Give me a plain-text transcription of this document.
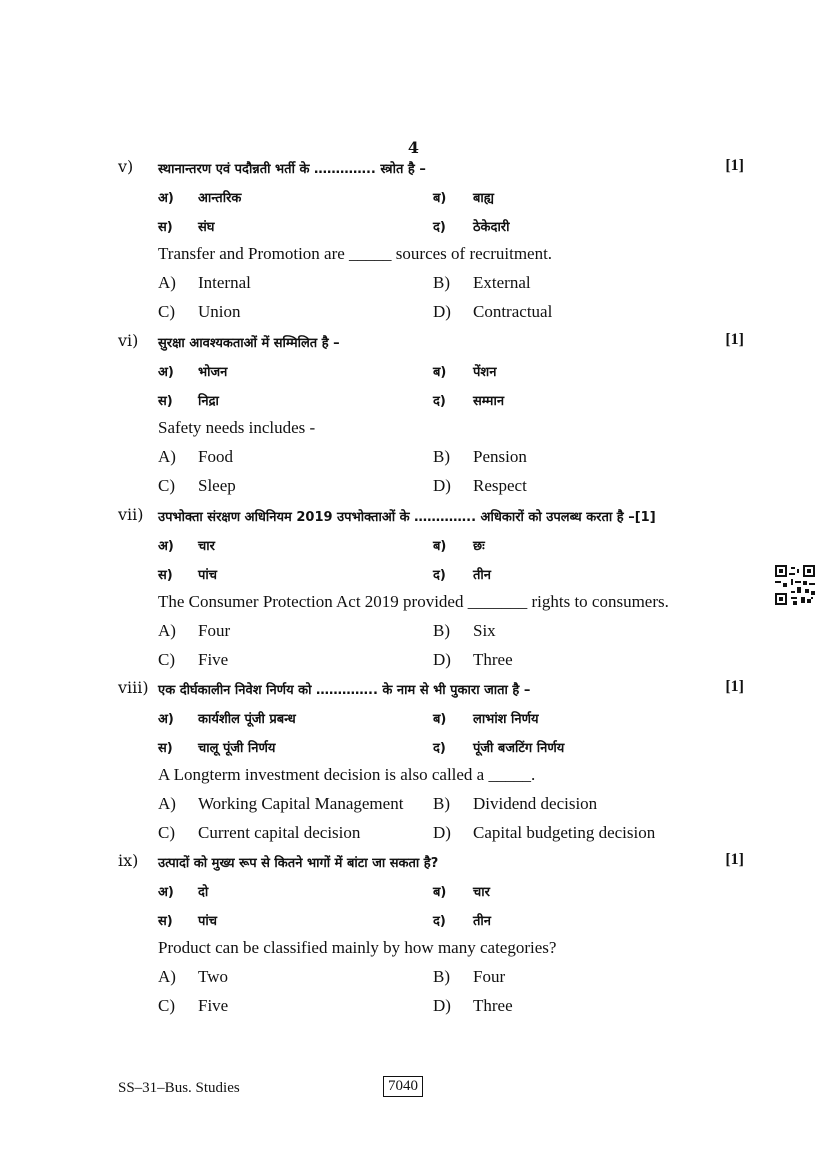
4
v) स्थानान्तरण एवं पदौन्नती भर्ती के ………….. स्त्रोत है –	[1]
अ) आन्तरिक	ब) बाह्य
स) संघ	द) ठेकेदारी
Transfer and Promotion are _____ sources of recruitment.
A) Internal	B) External
C) Union	D) Contractual
vi) सुरक्षा आवश्यकताओं में सम्मिलित है –	[1]
अ) भोजन	ब) पेंशन
स) निद्रा	द) सम्मान
Safety needs includes -
A) Food	B) Pension
C) Sleep	D) Respect
vii) उपभोक्ता संरक्षण अधिनियम 2019 उपभोक्ताओं के ………….. अधिकारों को उपलब्ध करता है –[1]
अ) चार	ब) छः
स) पांच	द) तीन
The Consumer Protection Act 2019 provided _______ rights to consumers.
A) Four	B) Six
C) Five	D) Three
viii) एक दीर्घकालीन निवेश निर्णय को ………….. के नाम से भी पुकारा जाता है –	[1]
अ) कार्यशील पूंजी प्रबन्ध	ब) लाभांश निर्णय
स) चालू पूंजी निर्णय	द) पूंजी बजटिंग निर्णय
A Longterm investment decision is also called a _____.
A) Working Capital Management B) Dividend decision
C) Current capital decision	D) Capital budgeting decision
ix) उत्पादों को मुख्य रूप से कितने भागों में बांटा जा सकता है?	[1]
अ) दो	ब) चार
स) पांच	द) तीन
Product can be classified mainly by how many categories?
A) Two	B) Four
C) Five	D) Three
SS–31–Bus. Studies	7040
